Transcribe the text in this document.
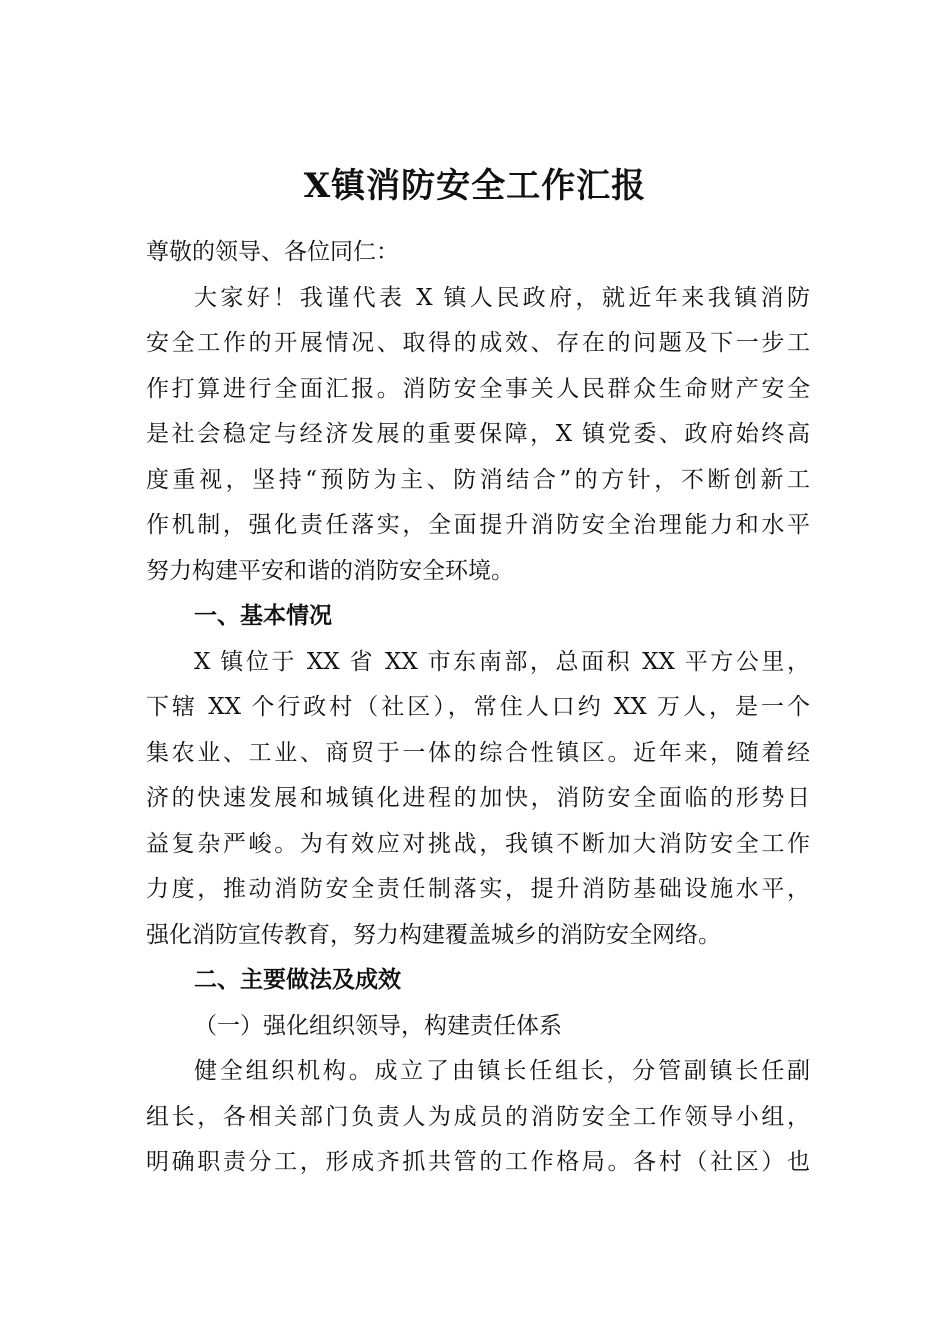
X镇消防安全工作汇报
尊敬的领导、各位同仁：
大家好！我谨代表 X 镇人民政府，就近年来我镇消防
安全工作的开展情况、取得的成效、存在的问题及下一步工
作打算进行全面汇报。消防安全事关人民群众生命财产安全
是社会稳定与经济发展的重要保障，X 镇党委、政府始终高
度重视，坚持“预防为主、防消结合”的方针，不断创新工
作机制，强化责任落实，全面提升消防安全治理能力和水平
努力构建平安和谐的消防安全环境。
一、基本情况
X 镇位于 XX 省 XX 市东南部，总面积 XX 平方公里，
下辖 XX 个行政村（社区），常住人口约 XX 万人，是一个
集农业、工业、商贸于一体的综合性镇区。近年来，随着经
济的快速发展和城镇化进程的加快，消防安全面临的形势日
益复杂严峻。为有效应对挑战，我镇不断加大消防安全工作
力度，推动消防安全责任制落实，提升消防基础设施水平，
强化消防宣传教育，努力构建覆盖城乡的消防安全网络。
二、主要做法及成效
（一）强化组织领导，构建责任体系
健全组织机构。成立了由镇长任组长，分管副镇长任副
组长，各相关部门负责人为成员的消防安全工作领导小组，
明确职责分工，形成齐抓共管的工作格局。各村（社区）也
